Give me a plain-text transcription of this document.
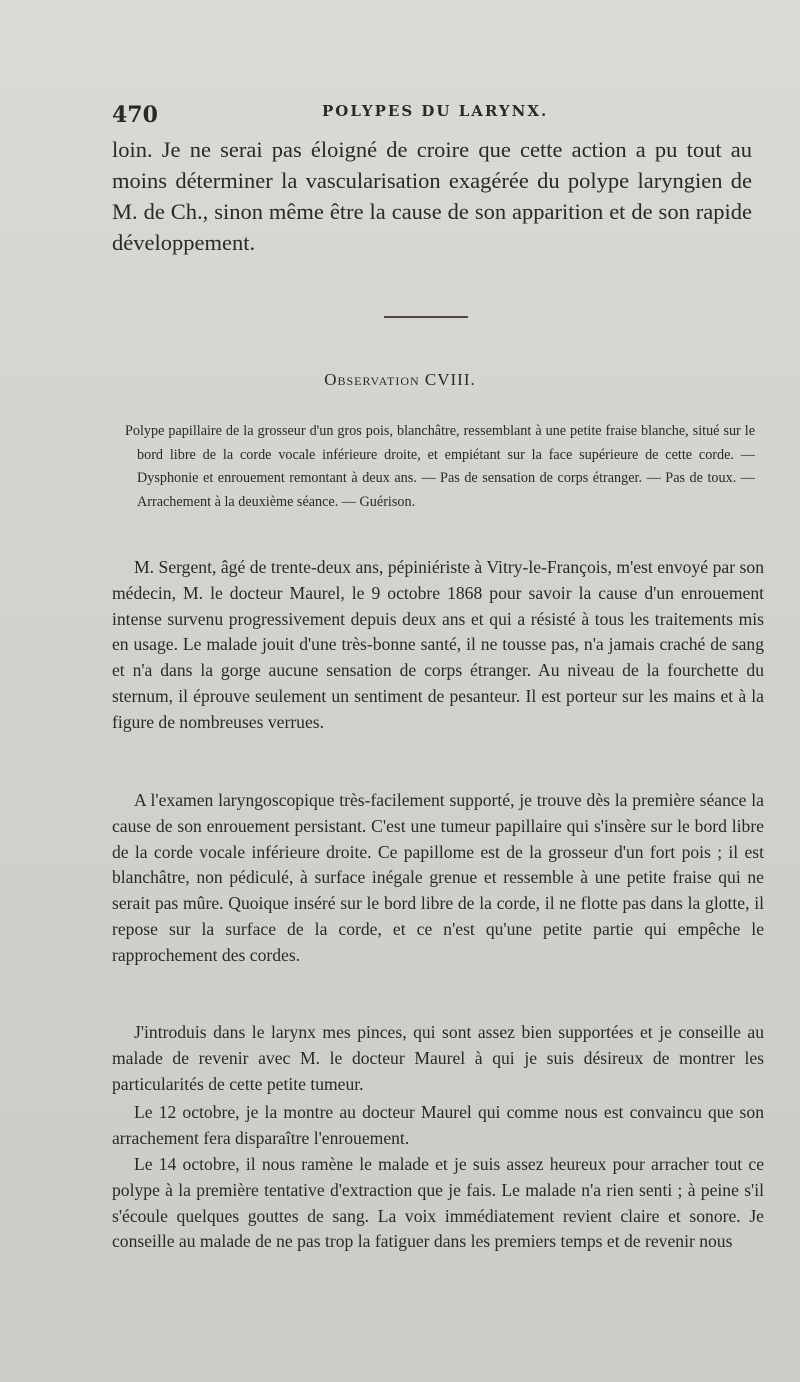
470	POLYPES DU LARYNX.

loin. Je ne serai pas éloigné de croire que cette action a pu tout au moins déterminer la vascularisation exagérée du polype laryngien de M. de Ch., sinon même être la cause de son apparition et de son rapide développement.

Observation CVIII.

Polype papillaire de la grosseur d'un gros pois, blanchâtre, ressemblant à une petite fraise blanche, situé sur le bord libre de la corde vocale inférieure droite, et empiétant sur la face supérieure de cette corde. — Dysphonie et enrouement remontant à deux ans. — Pas de sensation de corps étranger. — Pas de toux. — Arrachement à la deuxième séance. — Guérison.

M. Sergent, âgé de trente-deux ans, pépiniériste à Vitry-le-François, m'est envoyé par son médecin, M. le docteur Maurel, le 9 octobre 1868 pour savoir la cause d'un enrouement intense survenu progressivement depuis deux ans et qui a résisté à tous les traitements mis en usage. Le malade jouit d'une très-bonne santé, il ne tousse pas, n'a jamais craché de sang et n'a dans la gorge aucune sensation de corps étranger. Au niveau de la fourchette du sternum, il éprouve seulement un sentiment de pesanteur. Il est porteur sur les mains et à la figure de nombreuses verrues.

A l'examen laryngoscopique très-facilement supporté, je trouve dès la première séance la cause de son enrouement persistant. C'est une tumeur papillaire qui s'insère sur le bord libre de la corde vocale inférieure droite. Ce papillome est de la grosseur d'un fort pois ; il est blanchâtre, non pédiculé, à surface inégale grenue et ressemble à une petite fraise qui ne serait pas mûre. Quoique inséré sur le bord libre de la corde, il ne flotte pas dans la glotte, il repose sur la surface de la corde, et ce n'est qu'une petite partie qui empêche le rapprochement des cordes.

J'introduis dans le larynx mes pinces, qui sont assez bien supportées et je conseille au malade de revenir avec M. le docteur Maurel à qui je suis désireux de montrer les particularités de cette petite tumeur.

Le 12 octobre, je la montre au docteur Maurel qui comme nous est convaincu que son arrachement fera disparaître l'enrouement.

Le 14 octobre, il nous ramène le malade et je suis assez heureux pour arracher tout ce polype à la première tentative d'extraction que je fais. Le malade n'a rien senti ; à peine s'il s'écoule quelques gouttes de sang. La voix immédiatement revient claire et sonore. Je conseille au malade de ne pas trop la fatiguer dans les premiers temps et de revenir nous
